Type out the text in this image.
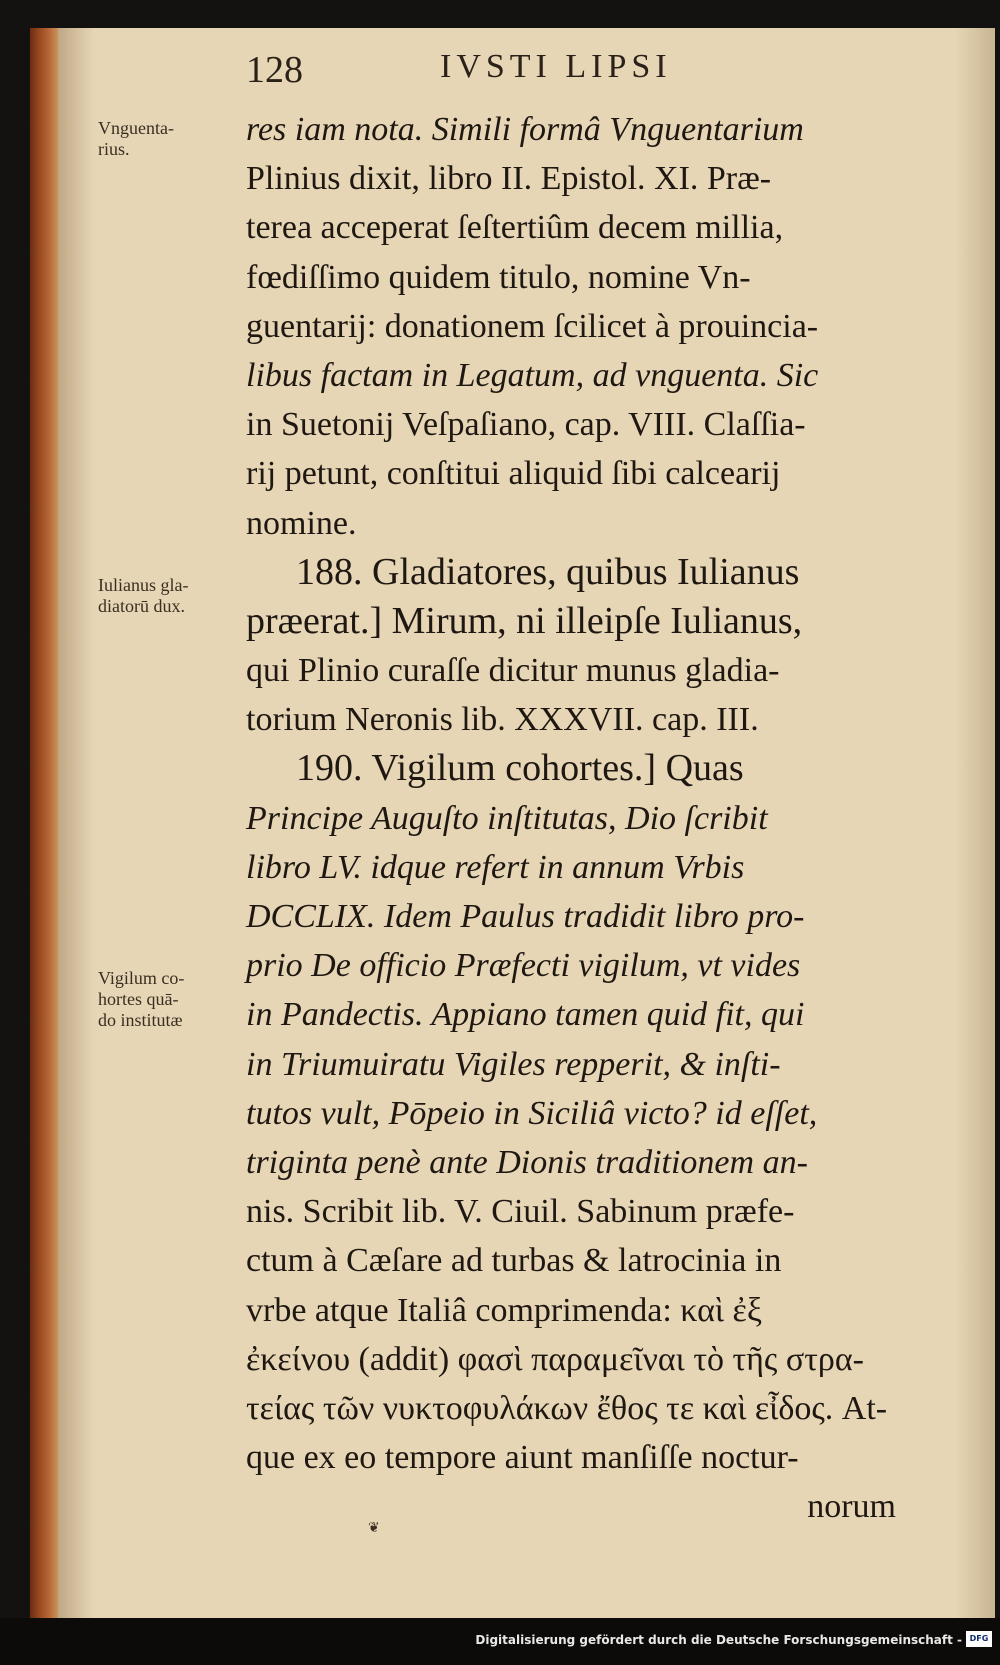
128	IVSTI LIPSI
res iam nota. Simili formâ Vnguentarium
Plinius dixit, libro II. Epistol. XI. Præ-
terea acceperat ſeſtertiûm decem millia,
fœdiſſimo quidem titulo, nomine Vn-
guentarij: donationem ſcilicet à prouincia-
libus factam in Legatum, ad vnguenta. Sic
in Suetonij Veſpaſiano, cap. VIII. Claſſia-
rij petunt, conſtitui aliquid ſibi calcearij
nomine.
188. Gladiatores, quibus Iulianus
præerat.] Mirum, ni illeipſe Iulianus,
qui Plinio curaſſe dicitur munus gladia-
torium Neronis lib. XXXVII. cap. III.
190. Vigilum cohortes.] Quas
Principe Auguſto inſtitutas, Dio ſcribit
libro LV. idque refert in annum Vrbis
DCCLIX. Idem Paulus tradidit libro pro-
prio De officio Præfecti vigilum, vt vides
in Pandectis. Appiano tamen quid fit, qui
in Triumuiratu Vigiles repperit, & inſti-
tutos vult, Pōpeio in Siciliâ victo? id eſſet,
triginta penè ante Dionis traditionem an-
nis. Scribit lib. V. Ciuil. Sabinum præfe-
ctum à Cæſare ad turbas & latrocinia in
vrbe atque Italiâ comprimenda: καὶ ἐξ
ἐκείνου (addit) φασὶ παραμεῖναι τὸ τῆς στρα-
τείας τῶν νυκτοφυλάκων ἔθος τε καὶ εἶδος. At-
que ex eo tempore aiunt manſiſſe noctur-
norum
Vnguenta-
rius.
Iulianus gla-
diatorū dux.
Vigilum co-
hortes quā-
do institutæ
❦
Digitalisierung gefördert durch die Deutsche Forschungsgemeinschaft - DFG
